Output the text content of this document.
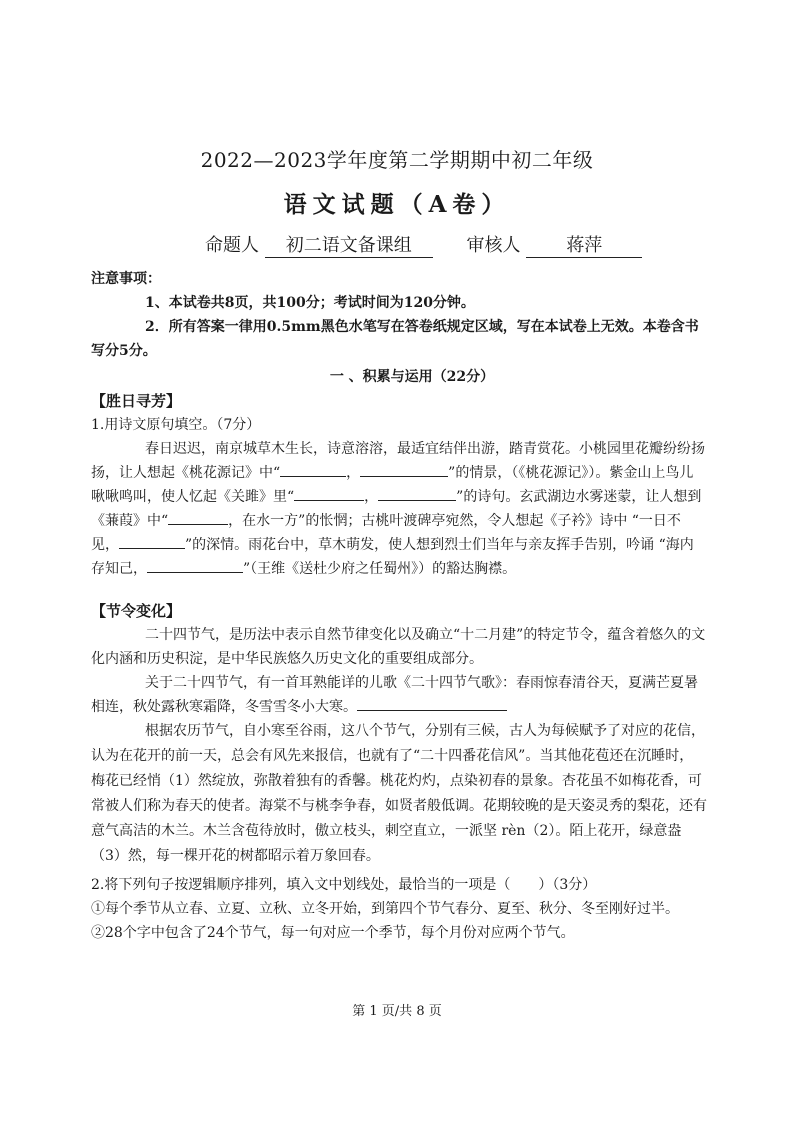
2022—2023学年度第二学期期中初二年级
语文试题（A卷）
命题人 初二语文备课组	审核人	蒋萍

注意事项：

1、本试卷共8页，共100分；考试时间为120分钟。

2．所有答案一律用0.5mm黑色水笔写在答卷纸规定区域，写在本试卷上无效。本卷含书写分5分。

一 、积累与运用（22分）

【胜日寻芳】

1.用诗文原句填空。（7分）

春日迟迟，南京城草木生长，诗意溶溶，最适宜结伴出游，踏青赏花。小桃园里花瓣纷纷扬扬，让人想起《桃花源记》中“	，	”的情景，（《桃花源记》）。紫金山上鸟儿啾啾鸣叫，使人忆起《关雎》里“	，	”的诗句。玄武湖边水雾迷蒙，让人想到《蒹葭》中“	，在水一方”的怅惘；古桃叶渡碑亭宛然，令人想起《子衿》诗中 “一日不见，	”的深情。雨花台中，草木萌发，使人想到烈士们当年与亲友挥手告别，吟诵 “海内存知己，	”（王维《送杜少府之任蜀州》）的豁达胸襟。

【节令变化】

二十四节气，是历法中表示自然节律变化以及确立“十二月建”的特定节令，蕴含着悠久的文化内涵和历史积淀，是中华民族悠久历史文化的重要组成部分。

关于二十四节气，有一首耳熟能详的儿歌《二十四节气歌》：春雨惊春清谷天，夏满芒夏暑相连，秋处露秋寒霜降，冬雪雪冬小大寒。

根据农历节气，自小寒至谷雨，这八个节气，分别有三候，古人为每候赋予了对应的花信，认为在花开的前一天，总会有风先来报信，也就有了“二十四番花信风”。当其他花苞还在沉睡时，梅花已经悄（1）然绽放，弥散着独有的香馨。桃花灼灼，点染初春的景象。杏花虽不如梅花香，可常被人们称为春天的使者。海棠不与桃李争春，如贤者般低调。花期较晚的是天姿灵秀的梨花，还有意气高洁的木兰。木兰含苞待放时，傲立枝头，刺空直立，一派坚 rèn（2）。陌上花开，绿意盎（3）然，每一棵开花的树都昭示着万象回春。

2.将下列句子按逻辑顺序排列，填入文中划线处，最恰当的一项是（　　）（3分）

①每个季节从立春、立夏、立秋、立冬开始，到第四个节气春分、夏至、秋分、冬至刚好过半。

②28个字中包含了24个节气，每一句对应一个季节，每个月份对应两个节气。

第 1 页/共 8 页
